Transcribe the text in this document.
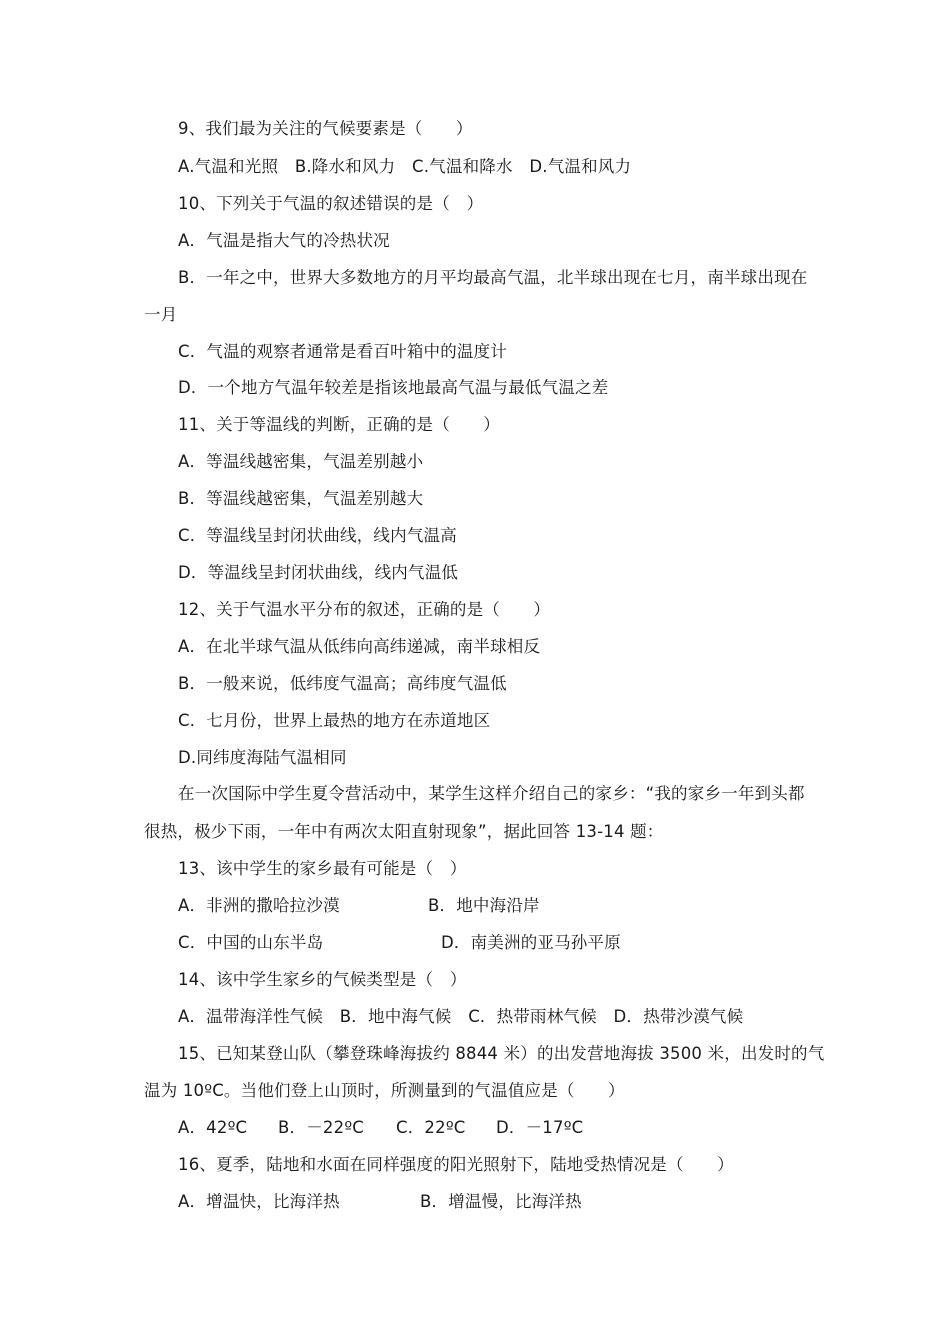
9、我们最为关注的气候要素是（　　）
A.气温和光照　B.降水和风力　C.气温和降水　D.气温和风力
10、下列关于气温的叙述错误的是（　）
A．气温是指大气的冷热状况
B．一年之中，世界大多数地方的月平均最高气温，北半球出现在七月，南半球出现在
一月
C．气温的观察者通常是看百叶箱中的温度计
D．一个地方气温年较差是指该地最高气温与最低气温之差
11、关于等温线的判断，正确的是（　　）
A．等温线越密集，气温差别越小
B．等温线越密集，气温差别越大
C．等温线呈封闭状曲线，线内气温高
D．等温线呈封闭状曲线，线内气温低
12、关于气温水平分布的叙述，正确的是（　　）
A．在北半球气温从低纬向高纬递减，南半球相反
B．一般来说，低纬度气温高；高纬度气温低
C．七月份，世界上最热的地方在赤道地区
D.同纬度海陆气温相同
在一次国际中学生夏令营活动中，某学生这样介绍自己的家乡：“我的家乡一年到头都
很热，极少下雨，一年中有两次太阳直射现象”，据此回答 13-14 题：
13、该中学生的家乡最有可能是（　）
A．非洲的撒哈拉沙漠	B．地中海沿岸
C．中国的山东半岛	D．南美洲的亚马孙平原
14、该中学生家乡的气候类型是（　）
A．温带海洋性气候　B．地中海气候　C．热带雨林气候　D．热带沙漠气候
15、已知某登山队（攀登珠峰海拔约 8844 米）的出发营地海拔 3500 米，出发时的气
温为 10ºC。当他们登上山顶时，所测量到的气温值应是（　　）
A．42ºC B．－22ºC C．22ºC D．－17ºC
16、夏季，陆地和水面在同样强度的阳光照射下，陆地受热情况是（　　）
A．增温快，比海洋热	B．增温慢，比海洋热
